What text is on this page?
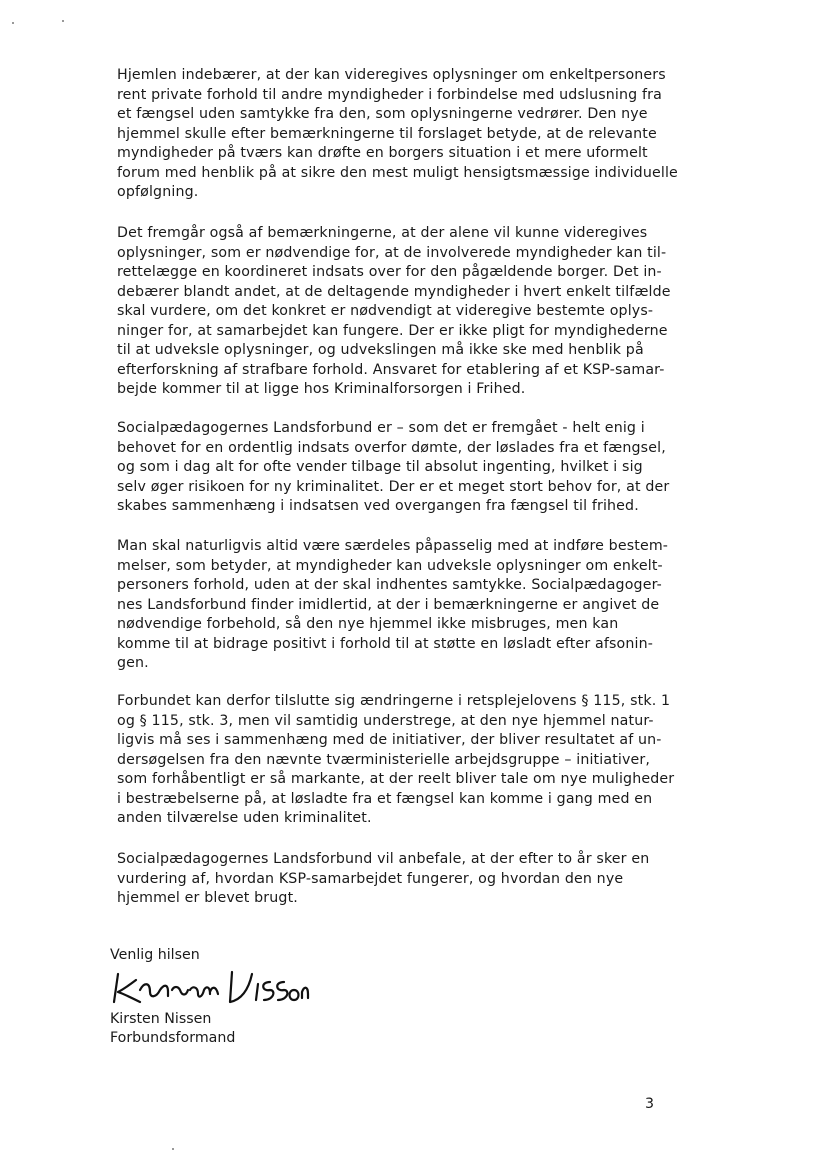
Hjemlen indebærer, at der kan videregives oplysninger om enkeltpersoners
rent private forhold til andre myndigheder i forbindelse med udslusning fra
et fængsel uden samtykke fra den, som oplysningerne vedrører. Den nye
hjemmel skulle efter bemærkningerne til forslaget betyde, at de relevante
myndigheder på tværs kan drøfte en borgers situation i et mere uformelt
forum med henblik på at sikre den mest muligt hensigtsmæssige individuelle
opfølgning.
Det fremgår også af bemærkningerne, at der alene vil kunne videregives
oplysninger, som er nødvendige for, at de involverede myndigheder kan til-
rettelægge en koordineret indsats over for den pågældende borger. Det in-
debærer blandt andet, at de deltagende myndigheder i hvert enkelt tilfælde
skal vurdere, om det konkret er nødvendigt at videregive bestemte oplys-
ninger for, at samarbejdet kan fungere. Der er ikke pligt for myndighederne
til at udveksle oplysninger, og udvekslingen må ikke ske med henblik på
efterforskning af strafbare forhold. Ansvaret for etablering af et KSP-samar-
bejde kommer til at ligge hos Kriminalforsorgen i Frihed.
Socialpædagogernes Landsforbund er – som det er fremgået - helt enig i
behovet for en ordentlig indsats overfor dømte, der løslades fra et fængsel,
og som i dag alt for ofte vender tilbage til absolut ingenting, hvilket i sig
selv øger risikoen for ny kriminalitet. Der er et meget stort behov for, at der
skabes sammenhæng i indsatsen ved overgangen fra fængsel til frihed.
Man skal naturligvis altid være særdeles påpasselig med at indføre bestem-
melser, som betyder, at myndigheder kan udveksle oplysninger om enkelt-
personers forhold, uden at der skal indhentes samtykke. Socialpædagoger-
nes Landsforbund finder imidlertid, at der i bemærkningerne er angivet de
nødvendige forbehold, så den nye hjemmel ikke misbruges, men kan
komme til at bidrage positivt i forhold til at støtte en løsladt efter afsonin-
gen.
Forbundet kan derfor tilslutte sig ændringerne i retsplejelovens § 115, stk. 1
og § 115, stk. 3, men vil samtidig understrege, at den nye hjemmel natur-
ligvis må ses i sammenhæng med de initiativer, der bliver resultatet af un-
dersøgelsen fra den nævnte tværministerielle arbejdsgruppe – initiativer,
som forhåbentligt er så markante, at der reelt bliver tale om nye muligheder
i bestræbelserne på, at løsladte fra et fængsel kan komme i gang med en
anden tilværelse uden kriminalitet.
Socialpædagogernes Landsforbund vil anbefale, at der efter to år sker en
vurdering af, hvordan KSP-samarbejdet fungerer, og hvordan den nye
hjemmel er blevet brugt.
Venlig hilsen
Kirsten Nissen
Forbundsformand
3
